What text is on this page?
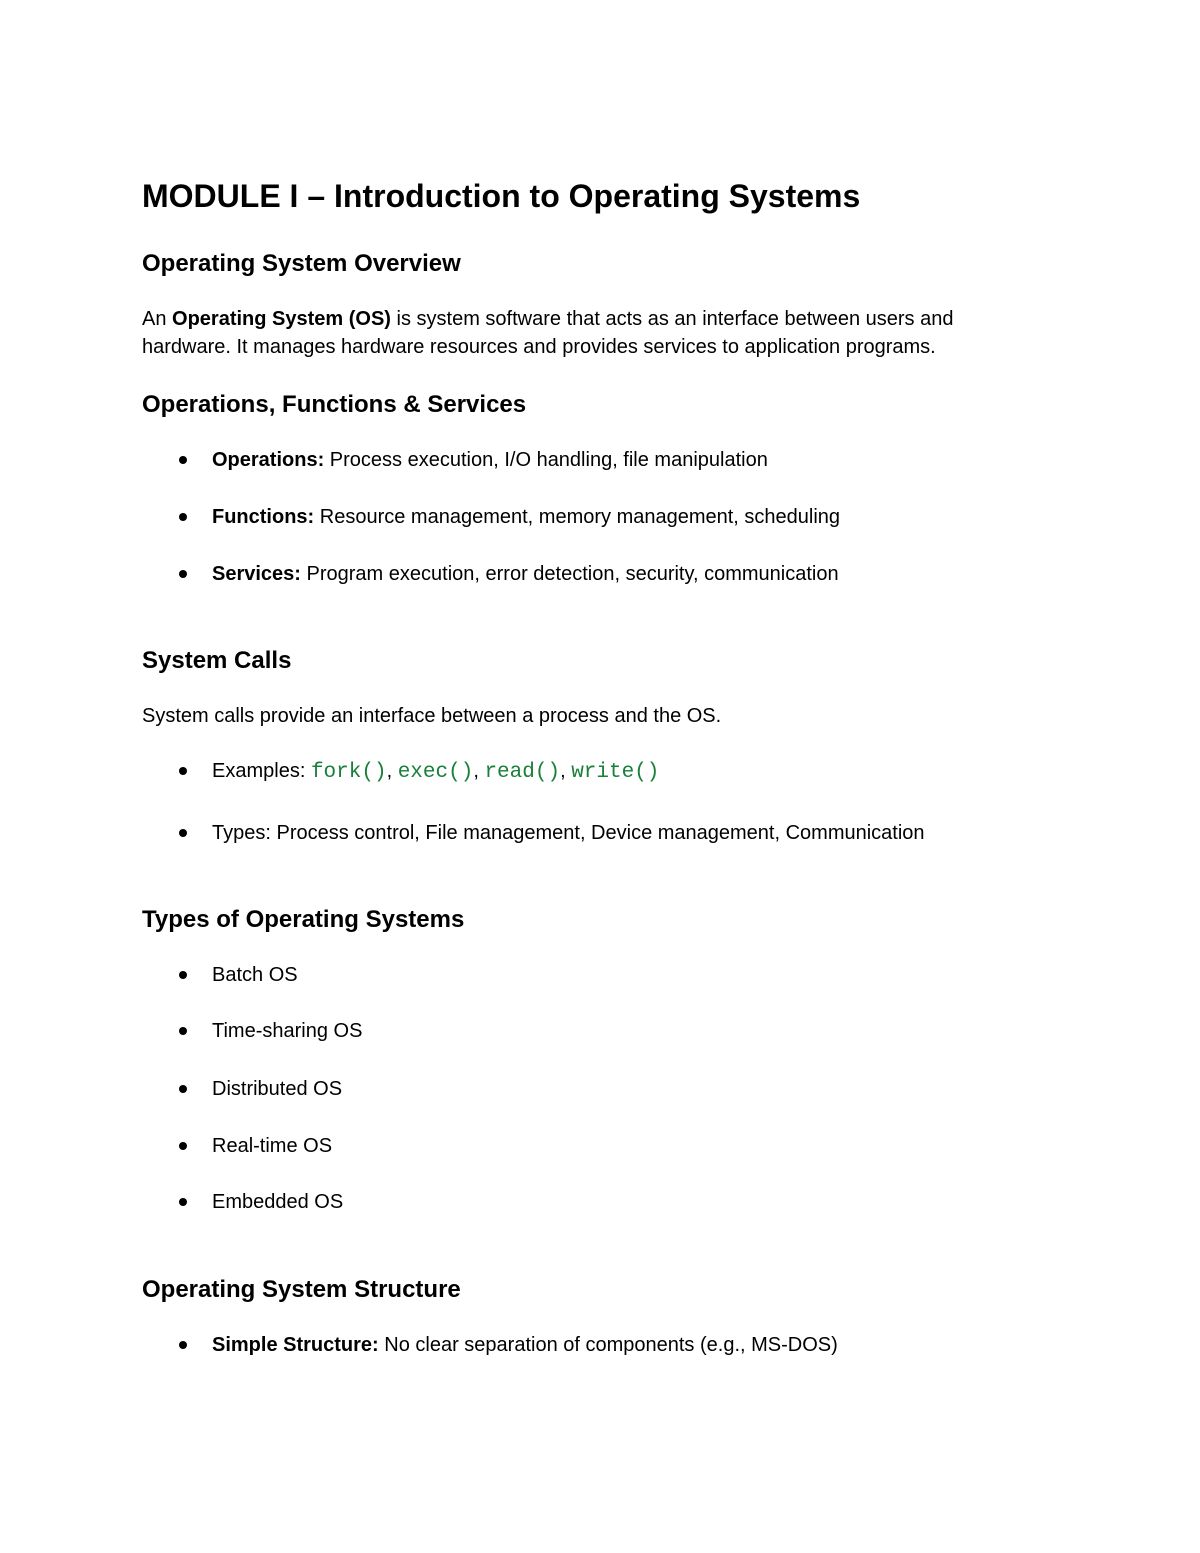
MODULE I – Introduction to Operating Systems
Operating System Overview

An Operating System (OS) is system software that acts as an interface between users and hardware. It manages hardware resources and provides services to application programs.

Operations, Functions & Services
Operations: Process execution, I/O handling, file manipulation
Functions: Resource management, memory management, scheduling
Services: Program execution, error detection, security, communication
System Calls

System calls provide an interface between a process and the OS.

Examples: fork(), exec(), read(), write()
Types: Process control, File management, Device management, Communication
Types of Operating Systems
Batch OS
Time-sharing OS
Distributed OS
Real-time OS
Embedded OS
Operating System Structure
Simple Structure: No clear separation of components (e.g., MS-DOS)
